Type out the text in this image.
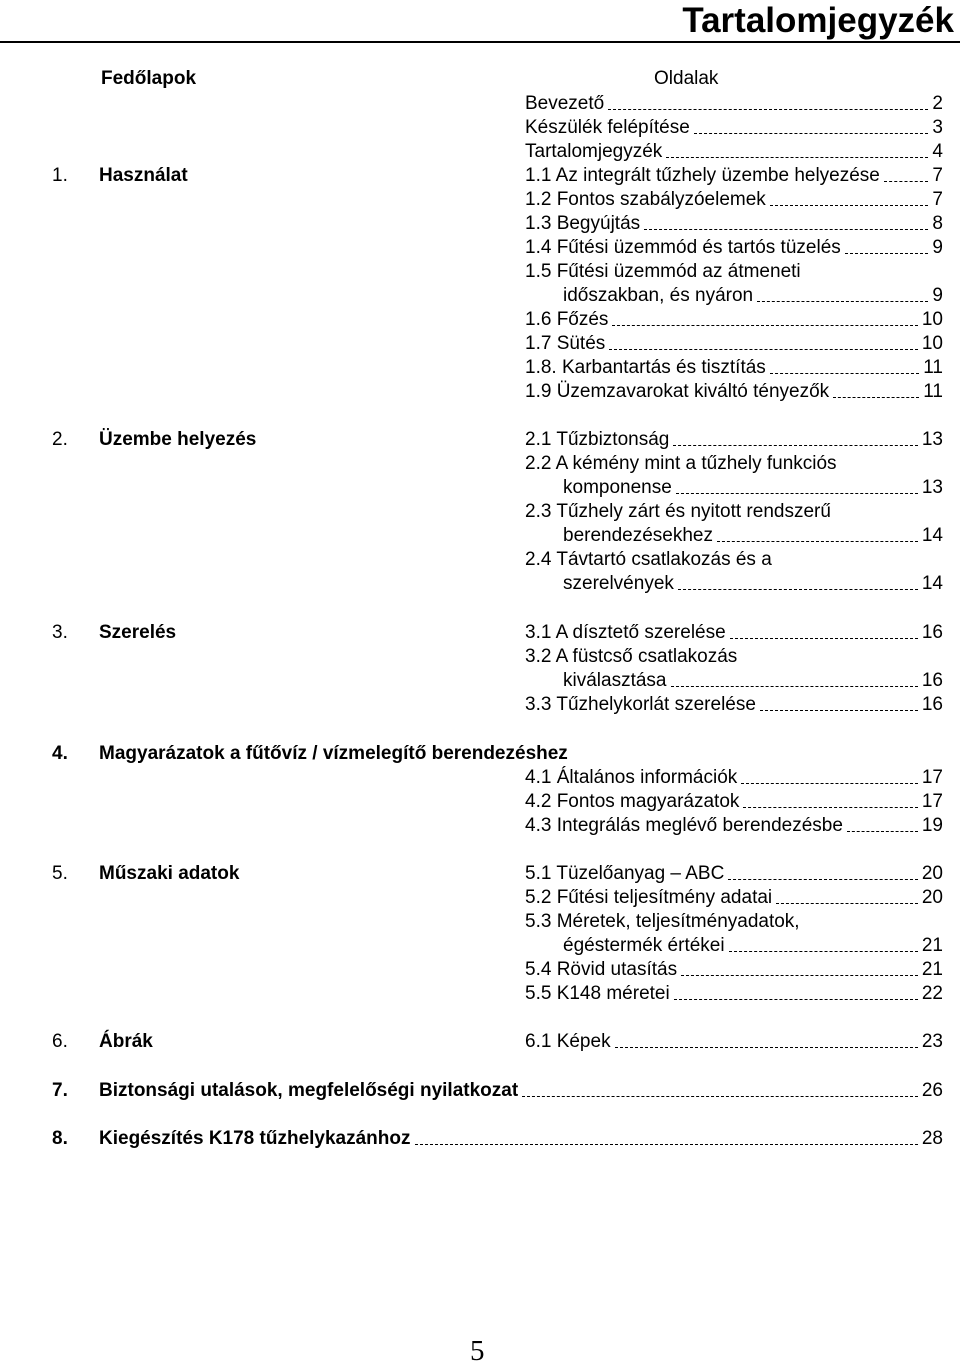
Tartalomjegyzék
Fedőlapok	Oldalak
Bevezető	2
Készülék felépítése	3
Tartalomjegyzék	4
1. Használat	1.1 Az integrált tűzhely üzembe helyezése	7
1.2 Fontos szabályzóelemek	7
1.3 Begyújtás	8
1.4 Fűtési üzemmód és tartós tüzelés	9
1.5 Fűtési üzemmód az átmeneti
időszakban, és nyáron	9
1.6 Főzés	10
1.7 Sütés	10
1.8. Karbantartás és tisztítás	11
1.9 Üzemzavarokat kiváltó tényezők	11
2. Üzembe helyezés	2.1 Tűzbiztonság	13
2.2 A kémény mint a tűzhely funkciós
komponense	13
2.3 Tűzhely zárt és nyitott rendszerű
berendezésekhez	14
2.4 Távtartó csatlakozás és a
szerelvények	14
3. Szerelés	3.1 A dísztető szerelése	16
3.2 A füstcső csatlakozás
kiválasztása	16
3.3 Tűzhelykorlát szerelése	16
4. Magyarázatok a fűtővíz / vízmelegítő berendezéshez
4.1 Általános információk	17
4.2 Fontos magyarázatok	17
4.3 Integrálás meglévő berendezésbe	19
5. Műszaki adatok	5.1 Tüzelőanyag – ABC	20
5.2 Fűtési teljesítmény adatai	20
5.3 Méretek, teljesítményadatok,
égéstermék értékei	21
5.4 Rövid utasítás	21
5.5 K148 méretei	22
6. Ábrák	6.1 Képek	23
7. Biztonsági utalások, megfelelőségi nyilatkozat	26
8. Kiegészítés K178 tűzhelykazánhoz	28
5
